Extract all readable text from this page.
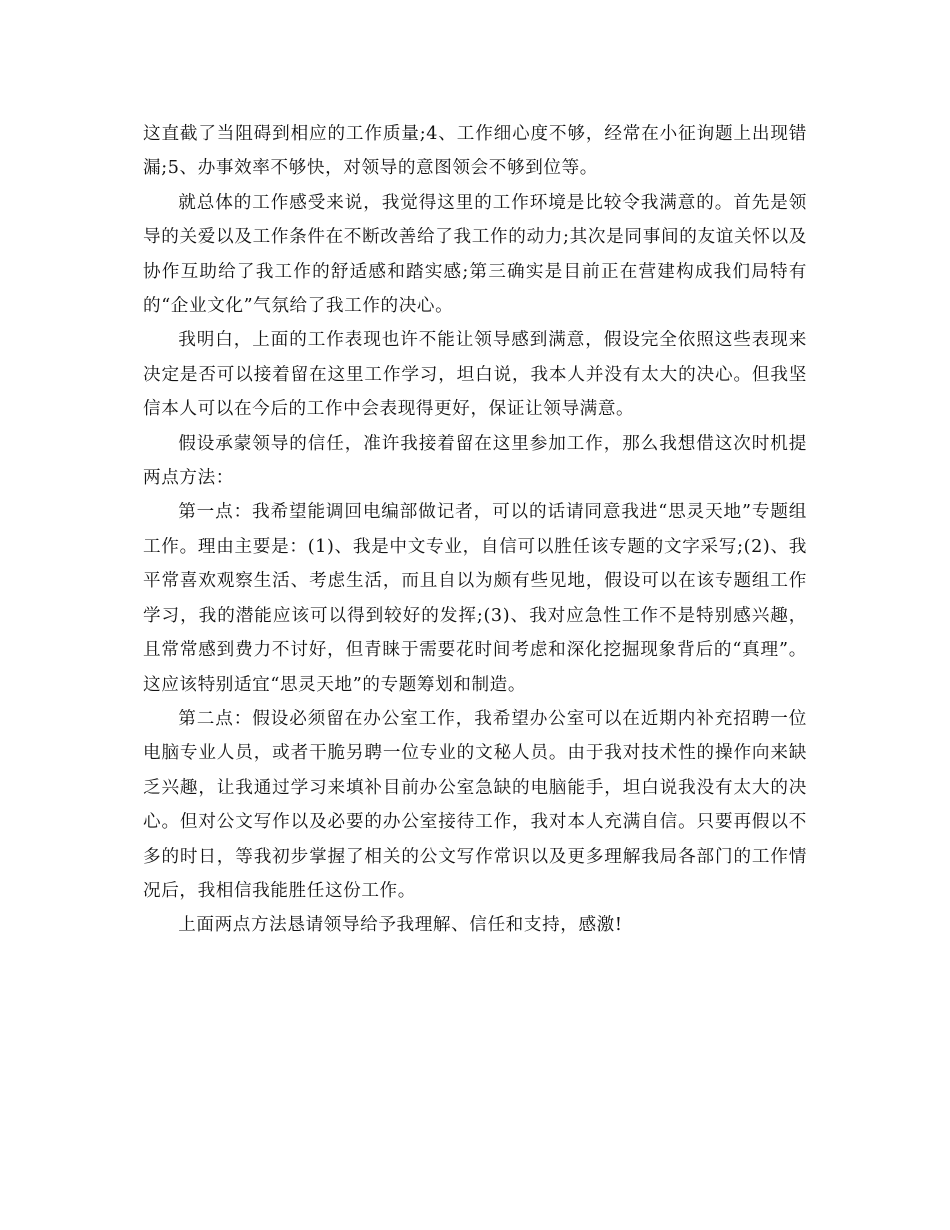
这直截了当阻碍到相应的工作质量;4、工作细心度不够，经常在小征询题上出现错漏;5、办事效率不够快，对领导的意图领会不够到位等。

就总体的工作感受来说，我觉得这里的工作环境是比较令我满意的。首先是领导的关爱以及工作条件在不断改善给了我工作的动力;其次是同事间的友谊关怀以及协作互助给了我工作的舒适感和踏实感;第三确实是目前正在营建构成我们局特有的“企业文化”气氛给了我工作的决心。

我明白，上面的工作表现也许不能让领导感到满意，假设完全依照这些表现来决定是否可以接着留在这里工作学习，坦白说，我本人并没有太大的决心。但我坚信本人可以在今后的工作中会表现得更好，保证让领导满意。

假设承蒙领导的信任，准许我接着留在这里参加工作，那么我想借这次时机提两点方法：

第一点：我希望能调回电编部做记者，可以的话请同意我进“思灵天地”专题组工作。理由主要是：(1)、我是中文专业，自信可以胜任该专题的文字采写;(2)、我平常喜欢观察生活、考虑生活，而且自以为颇有些见地，假设可以在该专题组工作学习，我的潜能应该可以得到较好的发挥;(3)、我对应急性工作不是特别感兴趣，且常常感到费力不讨好，但青睐于需要花时间考虑和深化挖掘现象背后的“真理”。这应该特别适宜“思灵天地”的专题筹划和制造。

第二点：假设必须留在办公室工作，我希望办公室可以在近期内补充招聘一位电脑专业人员，或者干脆另聘一位专业的文秘人员。由于我对技术性的操作向来缺乏兴趣，让我通过学习来填补目前办公室急缺的电脑能手，坦白说我没有太大的决心。但对公文写作以及必要的办公室接待工作，我对本人充满自信。只要再假以不多的时日，等我初步掌握了相关的公文写作常识以及更多理解我局各部门的工作情况后，我相信我能胜任这份工作。

上面两点方法恳请领导给予我理解、信任和支持，感激!
